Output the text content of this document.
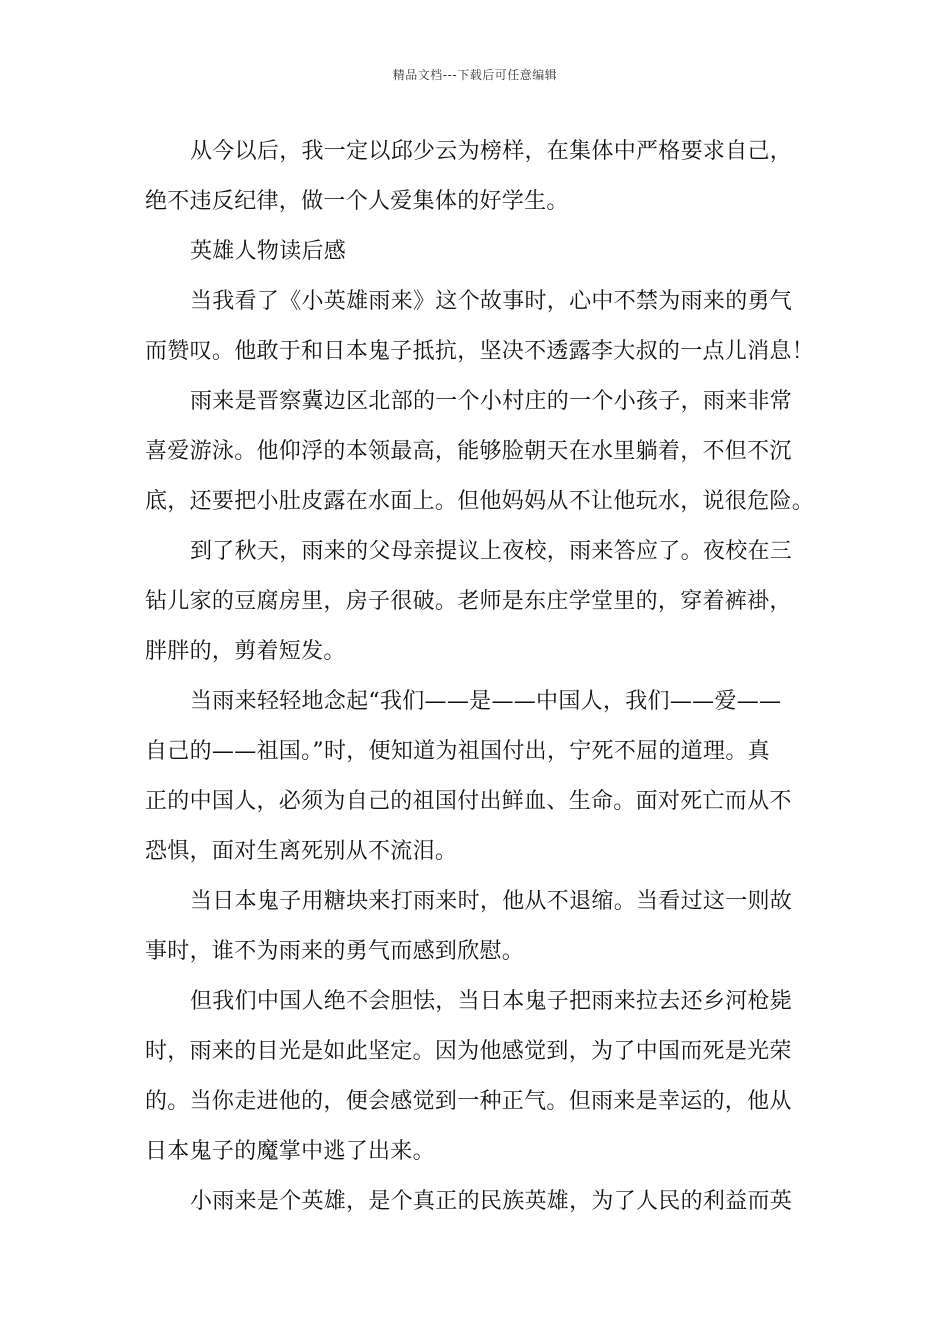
精品文档---下载后可任意编辑
从今以后，我一定以邱少云为榜样，在集体中严格要求自己，
绝不违反纪律，做一个人爱集体的好学生。
英雄人物读后感
当我看了《小英雄雨来》这个故事时，心中不禁为雨来的勇气
而赞叹。他敢于和日本鬼子抵抗，坚决不透露李大叔的一点儿消息！
雨来是晋察冀边区北部的一个小村庄的一个小孩子，雨来非常
喜爱游泳。他仰浮的本领最高，能够脸朝天在水里躺着，不但不沉
底，还要把小肚皮露在水面上。但他妈妈从不让他玩水，说很危险。
到了秋天，雨来的父母亲提议上夜校，雨来答应了。夜校在三
钻儿家的豆腐房里，房子很破。老师是东庄学堂里的，穿着裤褂，
胖胖的，剪着短发。
当雨来轻轻地念起“我们——是——中国人，我们——爱——
自己的——祖国。”时，便知道为祖国付出，宁死不屈的道理。真
正的中国人，必须为自己的祖国付出鲜血、生命。面对死亡而从不
恐惧，面对生离死别从不流泪。
当日本鬼子用糖块来打雨来时，他从不退缩。当看过这一则故
事时，谁不为雨来的勇气而感到欣慰。
但我们中国人绝不会胆怯，当日本鬼子把雨来拉去还乡河枪毙
时，雨来的目光是如此坚定。因为他感觉到，为了中国而死是光荣
的。当你走进他的，便会感觉到一种正气。但雨来是幸运的，他从
日本鬼子的魔掌中逃了出来。
小雨来是个英雄，是个真正的民族英雄，为了人民的利益而英
